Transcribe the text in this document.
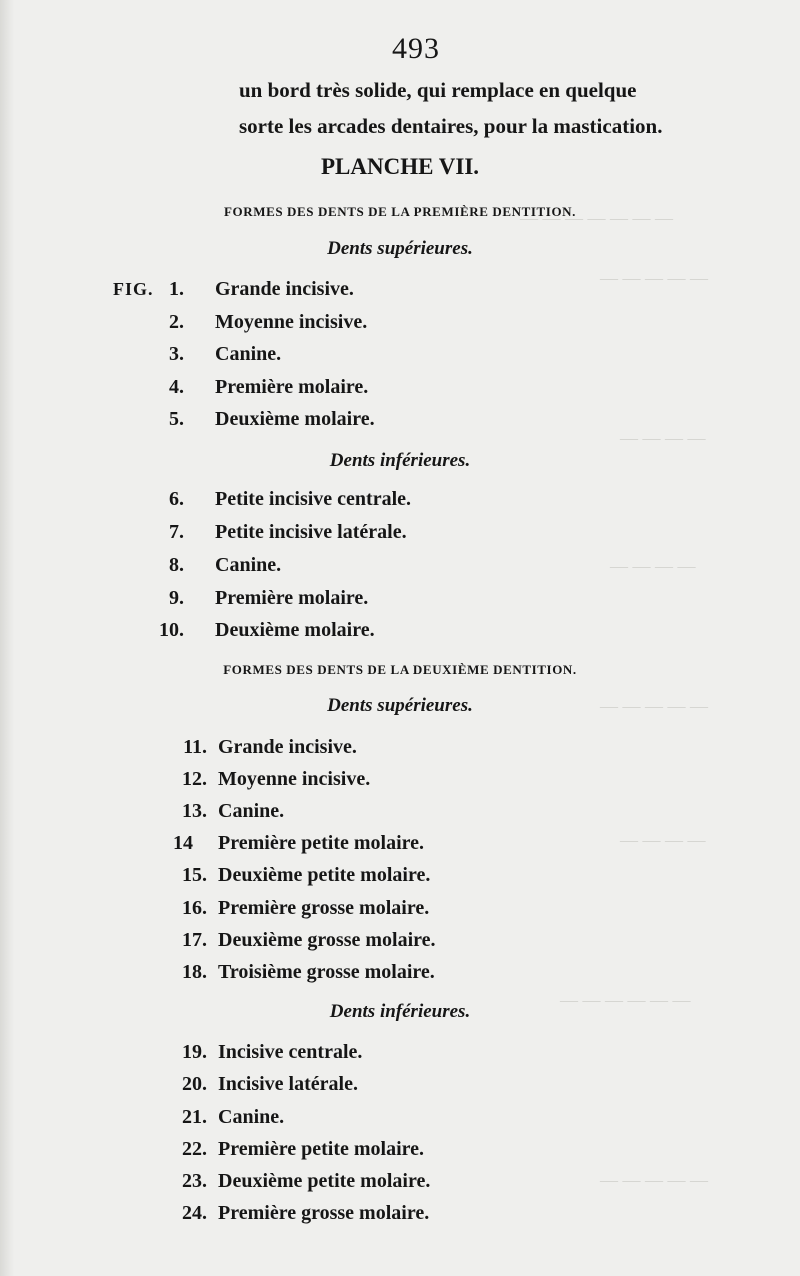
— — — — — — —
— — — — —
— — — —
— — — —
— — — — —
— — — —
— — — — — —
— — — — —
493
un bord très solide, qui remplace en quelque
sorte les arcades dentaires, pour la mastication.
PLANCHE VII.
FORMES DES DENTS DE LA PREMIÈRE DENTITION.
Dents supérieures.
FIG. 1. Grande incisive.
2. Moyenne incisive.
3. Canine.
4. Première molaire.
5. Deuxième molaire.
Dents inférieures.
6. Petite incisive centrale.
7. Petite incisive latérale.
8. Canine.
9. Première molaire.
10. Deuxième molaire.
FORMES DES DENTS DE LA DEUXIÈME DENTITION.
Dents supérieures.
11. Grande incisive.
12. Moyenne incisive.
13. Canine.
14	Première petite molaire.
15. Deuxième petite molaire.
16. Première grosse molaire.
17. Deuxième grosse molaire.
18. Troisième grosse molaire.
Dents inférieures.
19. Incisive centrale.
20. Incisive latérale.
21. Canine.
22. Première petite molaire.
23. Deuxième petite molaire.
24. Première grosse molaire.
